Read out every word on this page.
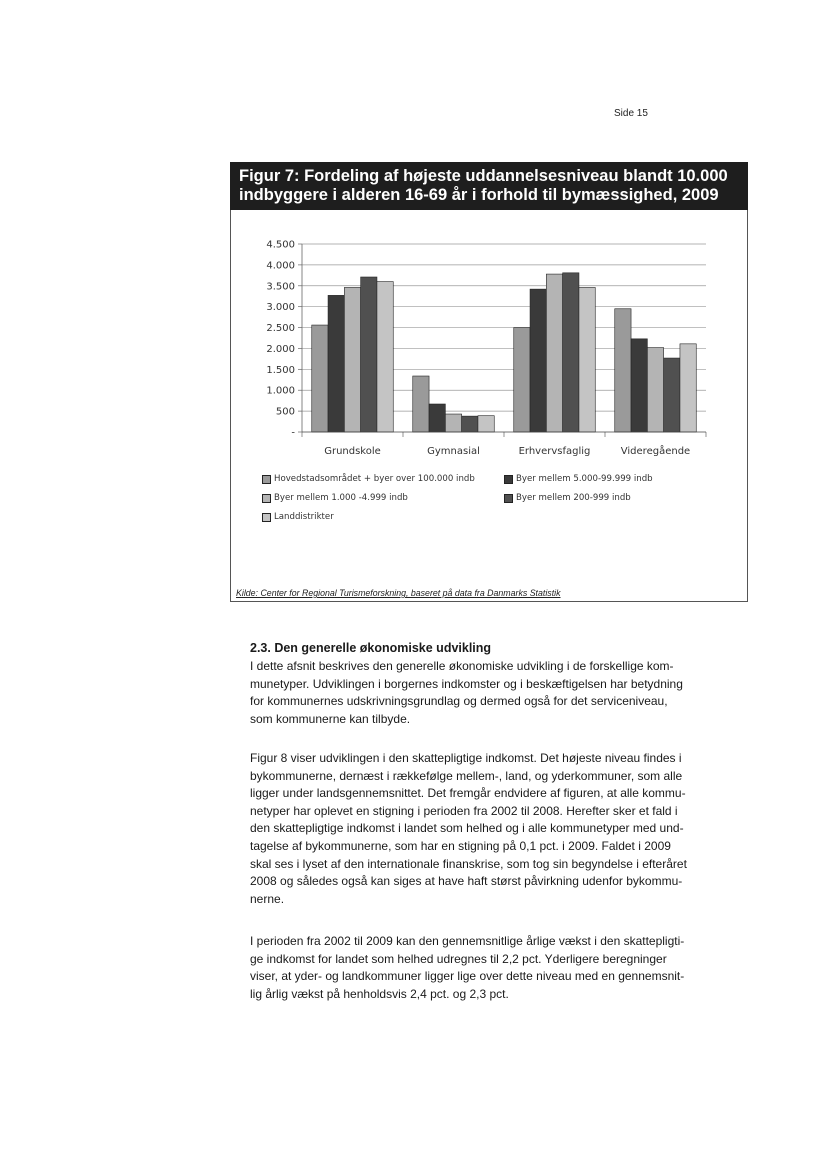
Side 15
Figur 7: Fordeling af højeste uddannelsesniveau blandt 10.000
indbyggere i alderen 16-69 år i forhold til bymæssighed, 2009
-
500
1.000
1.500
2.000
2.500
3.000
3.500
4.000
4.500
Grundskole	Gymnasial	Erhvervsfaglig	Videregående
Hovedstadsområdet + byer over 100.000 indb	Byer mellem 5.000-99.999 indb
Byer mellem 1.000 -4.999 indb	Byer mellem 200-999 indb
Landdistrikter
Kilde: Center for Regional Turismeforskning, baseret på data fra Danmarks Statistik
2.3. Den generelle økonomiske udvikling
I dette afsnit beskrives den generelle økonomiske udvikling i de forskellige kom-
munetyper. Udviklingen i borgernes indkomster og i beskæftigelsen har betydning
for kommunernes udskrivningsgrundlag og dermed også for det serviceniveau,
som kommunerne kan tilbyde.
Figur 8 viser udviklingen i den skattepligtige indkomst. Det højeste niveau findes i
bykommunerne, dernæst i rækkefølge mellem-, land, og yderkommuner, som alle
ligger under landsgennemsnittet. Det fremgår endvidere af figuren, at alle kommu-
netyper har oplevet en stigning i perioden fra 2002 til 2008. Herefter sker et fald i
den skattepligtige indkomst i landet som helhed og i alle kommunetyper med und-
tagelse af bykommunerne, som har en stigning på 0,1 pct. i 2009. Faldet i 2009
skal ses i lyset af den internationale finanskrise, som tog sin begyndelse i efteråret
2008 og således også kan siges at have haft størst påvirkning udenfor bykommu-
nerne.
I perioden fra 2002 til 2009 kan den gennemsnitlige årlige vækst i den skattepligti-
ge indkomst for landet som helhed udregnes til 2,2 pct. Yderligere beregninger
viser, at yder- og landkommuner ligger lige over dette niveau med en gennemsnit-
lig årlig vækst på henholdsvis 2,4 pct. og 2,3 pct.
